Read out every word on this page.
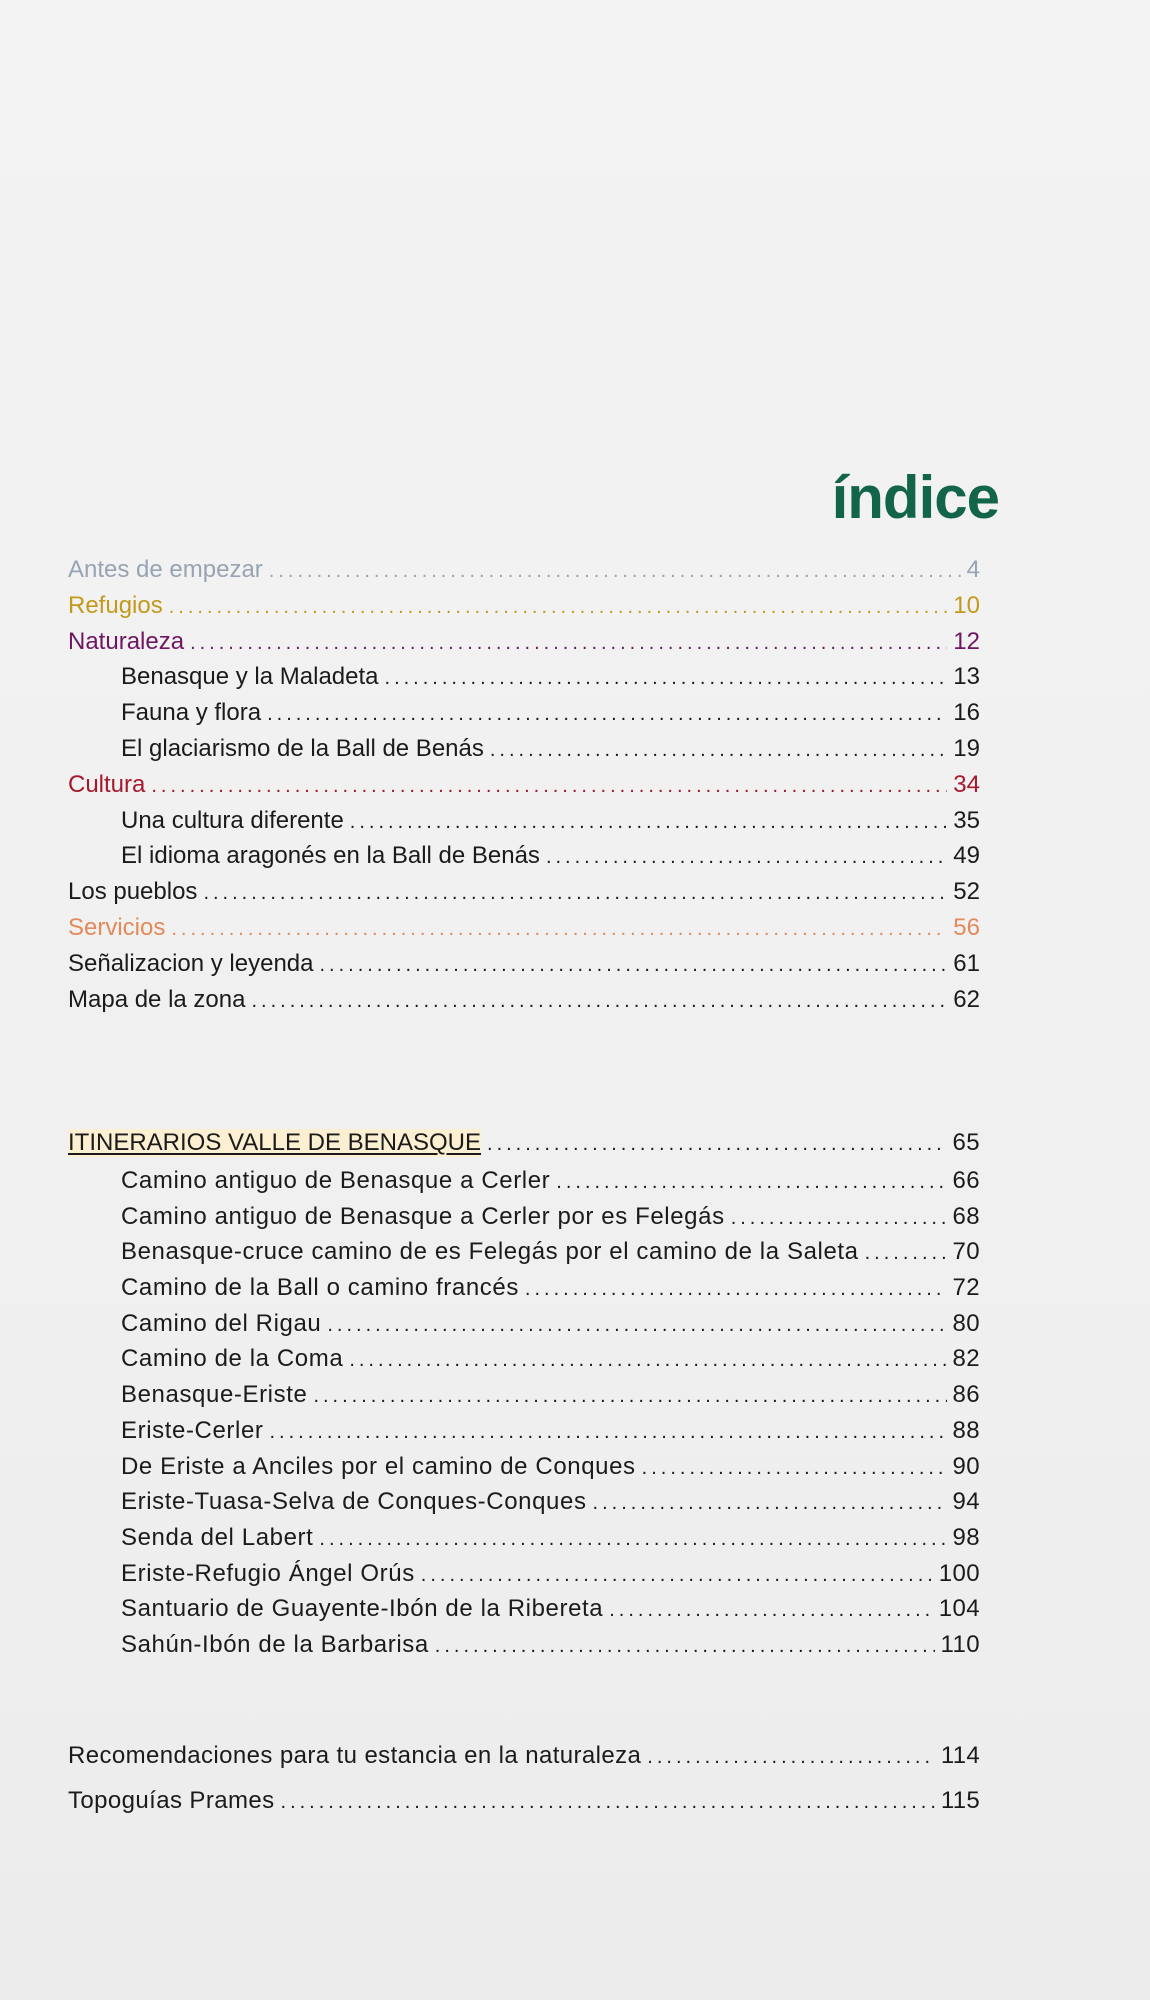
índice
Antes de empezar .....	4
Refugios .....	10
Naturaleza .....	12
Benasque y la Maladeta .....	13
Fauna y flora .....	16
El glaciarismo de la Ball de Benás .....	19
Cultura .....	34
Una cultura diferente .....	35
El idioma aragonés en la Ball de Benás .....	49
Los pueblos .....	52
Servicios .....	56
Señalizacion y leyenda .....	61
Mapa de la zona .....	62
ITINERARIOS VALLE DE BENASQUE .....	65
Camino antiguo de Benasque a Cerler .....	66
Camino antiguo de Benasque a Cerler por es Felegás .....	68
Benasque-cruce camino de es Felegás por el camino de la Saleta .....	70
Camino de la Ball o camino francés .....	72
Camino del Rigau .....	80
Camino de la Coma .....	82
Benasque-Eriste .....	86
Eriste-Cerler .....	88
De Eriste a Anciles por el camino de Conques .....	90
Eriste-Tuasa-Selva de Conques-Conques .....	94
Senda del Labert .....	98
Eriste-Refugio Ángel Orús .....	100
Santuario de Guayente-Ibón de la Ribereta .....	104
Sahún-Ibón de la Barbarisa .....	110
Recomendaciones para tu estancia en la naturaleza .....	114
Topoguías Prames .....	115
